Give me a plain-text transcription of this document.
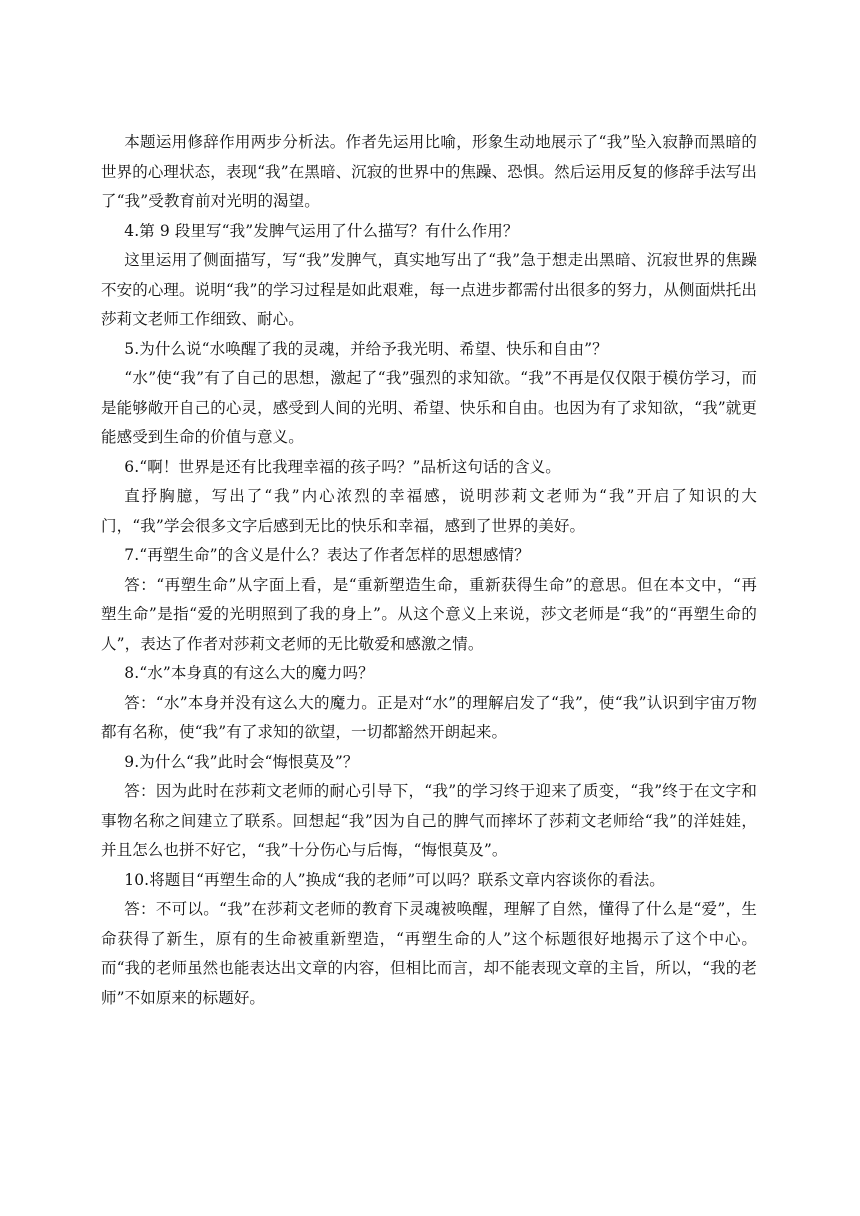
本题运用修辞作用两步分析法。作者先运用比喻，形象生动地展示了“我”坠入寂静而黑暗的世界的心理状态，表现“我”在黑暗、沉寂的世界中的焦躁、恐惧。然后运用反复的修辞手法写出了“我”受教育前对光明的渴望。

4.第 9 段里写“我”发脾气运用了什么描写？有什么作用？

这里运用了侧面描写，写“我”发脾气，真实地写出了“我”急于想走出黑暗、沉寂世界的焦躁不安的心理。说明“我”的学习过程是如此艰难，每一点进步都需付出很多的努力，从侧面烘托出莎莉文老师工作细致、耐心。

5.为什么说“水唤醒了我的灵魂，并给予我光明、希望、快乐和自由”？

“水”使“我”有了自己的思想，激起了“我”强烈的求知欲。“我”不再是仅仅限于模仿学习，而是能够敞开自己的心灵，感受到人间的光明、希望、快乐和自由。也因为有了求知欲，“我”就更能感受到生命的价值与意义。

6.“啊！世界是还有比我理幸福的孩子吗？”品析这句话的含义。

直抒胸臆，写出了“我”内心浓烈的幸福感，说明莎莉文老师为“我”开启了知识的大门，“我”学会很多文字后感到无比的快乐和幸福，感到了世界的美好。

7.“再塑生命”的含义是什么？表达了作者怎样的思想感情？

答：“再塑生命”从字面上看，是“重新塑造生命，重新获得生命”的意思。但在本文中，“再塑生命”是指“爱的光明照到了我的身上”。从这个意义上来说，莎文老师是“我”的“再塑生命的人”，表达了作者对莎莉文老师的无比敬爱和感激之情。

8.“水”本身真的有这么大的魔力吗？

答：“水”本身并没有这么大的魔力。正是对“水”的理解启发了“我”，使“我”认识到宇宙万物都有名称，使“我”有了求知的欲望，一切都豁然开朗起来。

9.为什么“我”此时会“悔恨莫及”？

答：因为此时在莎莉文老师的耐心引导下，“我”的学习终于迎来了质变，“我”终于在文字和事物名称之间建立了联系。回想起“我”因为自己的脾气而摔坏了莎莉文老师给“我”的洋娃娃，并且怎么也拼不好它，“我”十分伤心与后悔，“悔恨莫及”。

10.将题目“再塑生命的人”换成“我的老师”可以吗？联系文章内容谈你的看法。

答：不可以。“我”在莎莉文老师的教育下灵魂被唤醒，理解了自然，懂得了什么是“爱”，生命获得了新生，原有的生命被重新塑造，“再塑生命的人”这个标题很好地揭示了这个中心。而“我的老师虽然也能表达出文章的内容，但相比而言，却不能表现文章的主旨，所以，“我的老师”不如原来的标题好。
